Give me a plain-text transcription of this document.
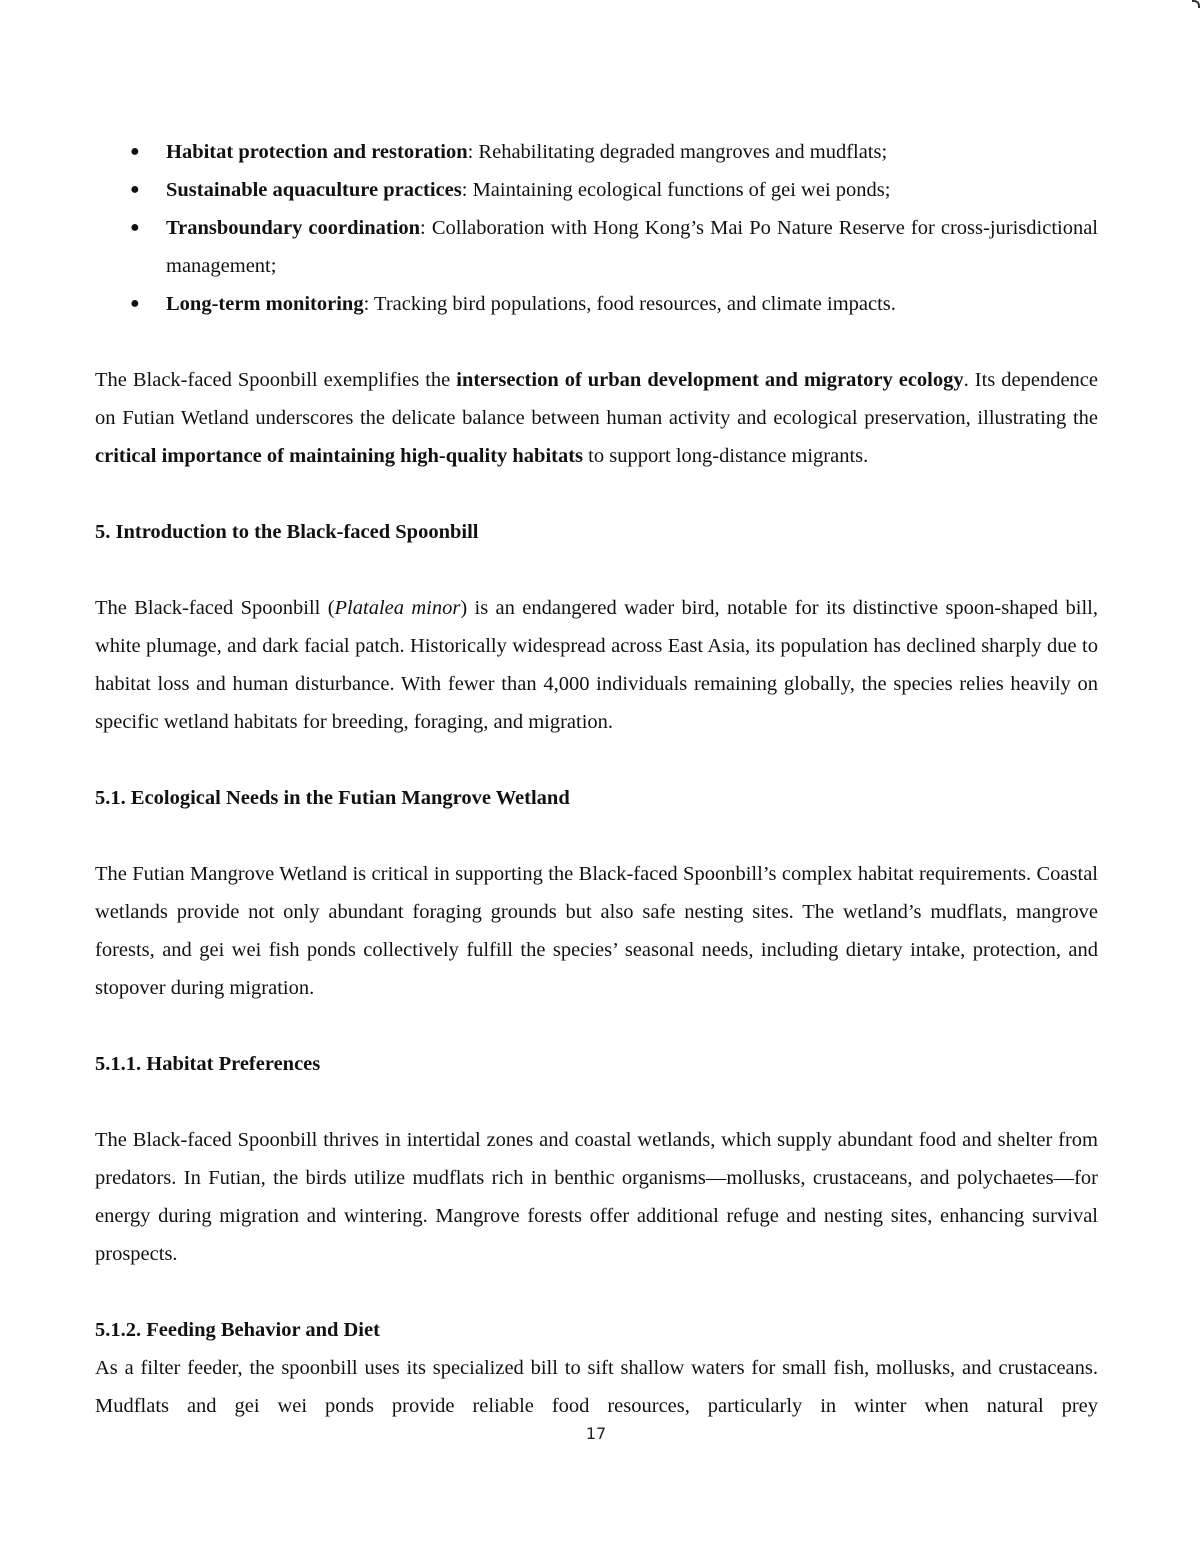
● Habitat protection and restoration: Rehabilitating degraded mangroves and mudflats;
● Sustainable aquaculture practices: Maintaining ecological functions of gei wei ponds;
● Transboundary coordination: Collaboration with Hong Kong’s Mai Po Nature Reserve for cross-jurisdictional management;
● Long-term monitoring: Tracking bird populations, food resources, and climate impacts.

The Black-faced Spoonbill exemplifies the intersection of urban development and migratory ecology. Its dependence on Futian Wetland underscores the delicate balance between human activity and ecological preservation, illustrating the critical importance of maintaining high-quality habitats to support long-distance migrants.

5. Introduction to the Black-faced Spoonbill

The Black-faced Spoonbill (Platalea minor) is an endangered wader bird, notable for its distinctive spoon-shaped bill, white plumage, and dark facial patch. Historically widespread across East Asia, its population has declined sharply due to habitat loss and human disturbance. With fewer than 4,000 individuals remaining globally, the species relies heavily on specific wetland habitats for breeding, foraging, and migration.

5.1. Ecological Needs in the Futian Mangrove Wetland

The Futian Mangrove Wetland is critical in supporting the Black-faced Spoonbill’s complex habitat requirements. Coastal wetlands provide not only abundant foraging grounds but also safe nesting sites. The wetland’s mudflats, mangrove forests, and gei wei fish ponds collectively fulfill the species’ seasonal needs, including dietary intake, protection, and stopover during migration.

5.1.1. Habitat Preferences

The Black-faced Spoonbill thrives in intertidal zones and coastal wetlands, which supply abundant food and shelter from predators. In Futian, the birds utilize mudflats rich in benthic organisms—mollusks, crustaceans, and polychaetes—for energy during migration and wintering. Mangrove forests offer additional refuge and nesting sites, enhancing survival prospects.

5.1.2. Feeding Behavior and Diet

As a filter feeder, the spoonbill uses its specialized bill to sift shallow waters for small fish, mollusks, and crustaceans. Mudflats and gei wei ponds provide reliable food resources, particularly in winter when natural prey

17
